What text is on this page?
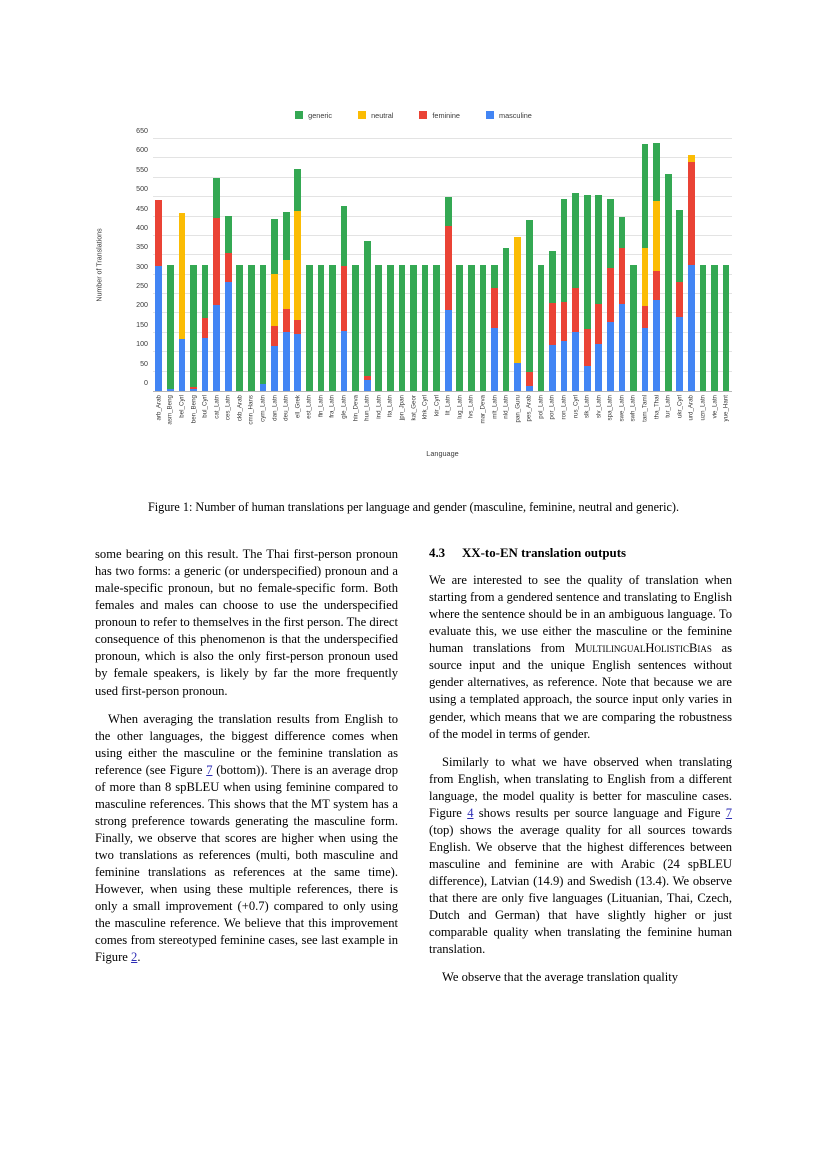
generic	neutral	feminine	masculine
Number of Translations
0
50
100
150
200
250
300
350
400
450
500
550
600
650
arb_Arab asm_Beng bel_Cyrl ben_Beng bul_Cyrl cat_Latn ces_Latn ckb_Arab cmn_Hans cym_Latn dan_Latn deu_Latn ell_Grek est_Latn fin_Latn fra_Latn gle_Latn hin_Deva hun_Latn ind_Latn ita_Latn jpn_Jpan kat_Geor khk_Cyrl kir_Cyrl lit_Latn lug_Latn lvs_Latn mar_Deva mlt_Latn nld_Latn pan_Guru pes_Arab pol_Latn por_Latn ron_Latn rus_Cyrl slk_Latn slv_Latn spa_Latn swe_Latn swh_Latn tam_Taml tha_Thai tur_Latn ukr_Cyrl urd_Arab uzn_Latn vie_Latn yue_Hant
Language
Figure 1: Number of human translations per language and gender (masculine, feminine, neutral and generic).

some bearing on this result. The Thai first-person pronoun has two forms: a generic (or underspecified) pronoun and a male-specific pronoun, but no female-specific form. Both females and males can choose to use the underspecified pronoun to refer to themselves in the first person. The direct consequence of this phenomenon is that the underspecified pronoun, which is also the only first-person pronoun used by female speakers, is likely by far the more frequently used first-person pronoun.

When averaging the translation results from English to the other languages, the biggest difference comes when using either the masculine or the feminine translation as reference (see Figure 7 (bottom)). There is an average drop of more than 8 spBLEU when using feminine compared to masculine references. This shows that the MT system has a strong preference towards generating the masculine form. Finally, we observe that scores are higher when using the two translations as references (multi, both masculine and feminine translations as references at the same time). However, when using these multiple references, there is only a small improvement (+0.7) compared to only using the masculine reference. We believe that this improvement comes from stereotyped feminine cases, see last example in Figure 2.

4.3 XX-to-EN translation outputs

We are interested to see the quality of translation when starting from a gendered sentence and translating to English where the sentence should be in an ambiguous language. To evaluate this, we use either the masculine or the feminine human translations from MultilingualHolisticBias as source input and the unique English sentences without gender alternatives, as reference. Note that because we are using a templated approach, the source input only varies in gender, which means that we are comparing the robustness of the model in terms of gender.

Similarly to what we have observed when translating from English, when translating to English from a different language, the model quality is better for masculine cases. Figure 4 shows results per source language and Figure 7 (top) shows the average quality for all sources towards English. We observe that the highest differences between masculine and feminine are with Arabic (24 spBLEU difference), Latvian (14.9) and Swedish (13.4). We observe that there are only five languages (Lituanian, Thai, Czech, Dutch and German) that have slightly higher or just comparable quality when translating the feminine human translation.

We observe that the average translation quality
